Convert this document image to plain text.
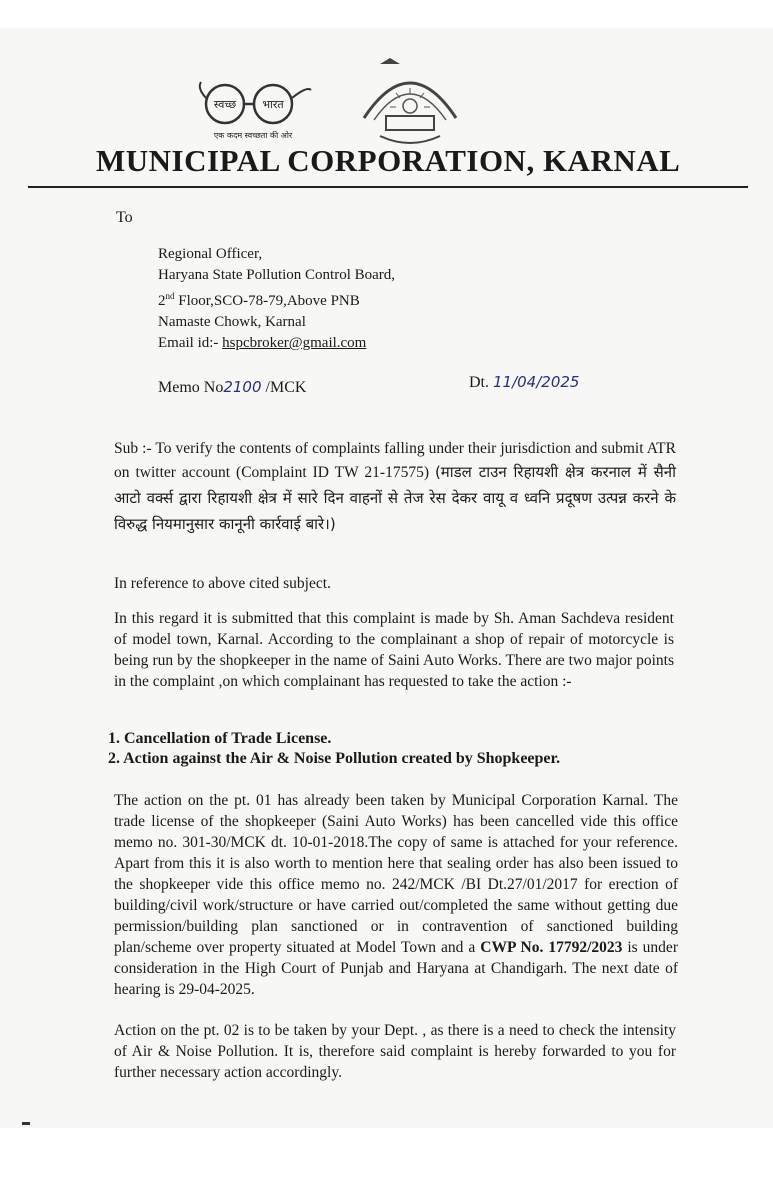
स्वच्छ भारत
एक कदम स्वच्छता की ओर
MUNICIPAL CORPORATION, KARNAL
To
Regional Officer,
Haryana State Pollution Control Board,
2nd Floor,SCO-78-79,Above PNB
Namaste Chowk, Karnal
Email id:- hspcbroker@gmail.com
Memo No2100 /MCK	Dt. 11/04/2025
Sub :- To verify the contents of complaints falling under their jurisdiction and submit ATR on twitter account (Complaint ID TW 21-17575) (माडल टाउन रिहायशी क्षेत्र करनाल में सैनी आटो वर्क्स द्वारा रिहायशी क्षेत्र में सारे दिन वाहनों से तेज रेस देकर वायू व ध्वनि प्रदूषण उत्पन्न करने के विरुद्ध नियमानुसार कानूनी कार्रवाई बारे।)
In reference to above cited subject.
In this regard it is submitted that this complaint is made by Sh. Aman Sachdeva resident of model town, Karnal. According to the complainant a shop of repair of motorcycle is being run by the shopkeeper in the name of Saini Auto Works. There are two major points in the complaint ,on which complainant has requested to take the action :-
1. Cancellation of Trade License.
2. Action against the Air & Noise Pollution created by Shopkeeper.
The action on the pt. 01 has already been taken by Municipal Corporation Karnal. The trade license of the shopkeeper (Saini Auto Works) has been cancelled vide this office memo no. 301-30/MCK dt. 10-01-2018.The copy of same is attached for your reference. Apart from this it is also worth to mention here that sealing order has also been issued to the shopkeeper vide this office memo no. 242/MCK /BI Dt.27/01/2017 for erection of building/civil work/structure or have carried out/completed the same without getting due permission/building plan sanctioned or in contravention of sanctioned building plan/scheme over property situated at Model Town and a CWP No. 17792/2023 is under consideration in the High Court of Punjab and Haryana at Chandigarh. The next date of hearing is 29-04-2025.
Action on the pt. 02 is to be taken by your Dept. , as there is a need to check the intensity of Air & Noise Pollution. It is, therefore said complaint is hereby forwarded to you for further necessary action accordingly.
